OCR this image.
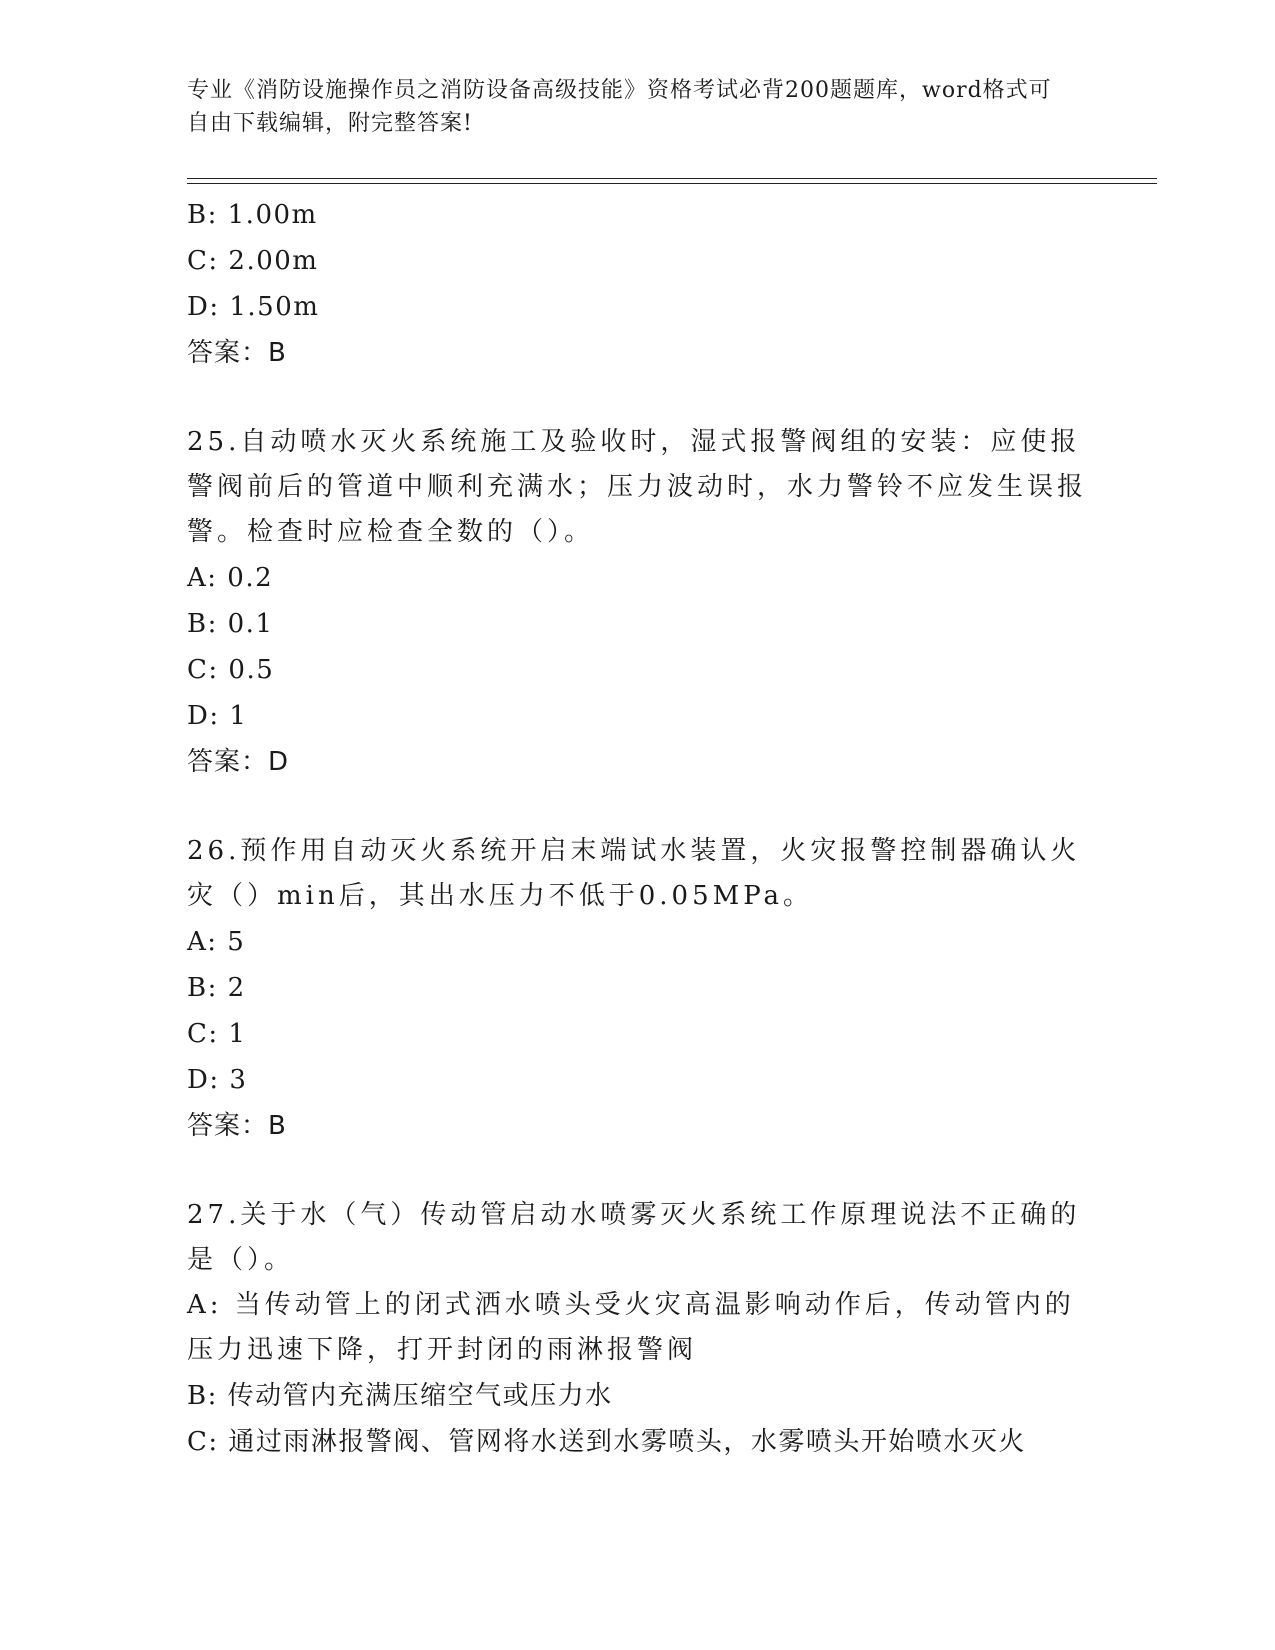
专业《消防设施操作员之消防设备高级技能》资格考试必背200题题库，word格式可自由下载编辑，附完整答案!

B: 1.00m

C: 2.00m

D: 1.50m

答案：B

25.自动喷水灭火系统施工及验收时，湿式报警阀组的安装：应使报警阀前后的管道中顺利充满水；压力波动时，水力警铃不应发生误报警。检查时应检查全数的（）。

A: 0.2

B: 0.1

C: 0.5

D: 1

答案：D

26.预作用自动灭火系统开启末端试水装置，火灾报警控制器确认火灾（）min后，其出水压力不低于0.05MPa。

A: 5

B: 2

C: 1

D: 3

答案：B

27.关于水（气）传动管启动水喷雾灭火系统工作原理说法不正确的是（）。

A: 当传动管上的闭式洒水喷头受火灾高温影响动作后，传动管内的压力迅速下降，打开封闭的雨淋报警阀

B: 传动管内充满压缩空气或压力水

C: 通过雨淋报警阀、管网将水送到水雾喷头，水雾喷头开始喷水灭火
